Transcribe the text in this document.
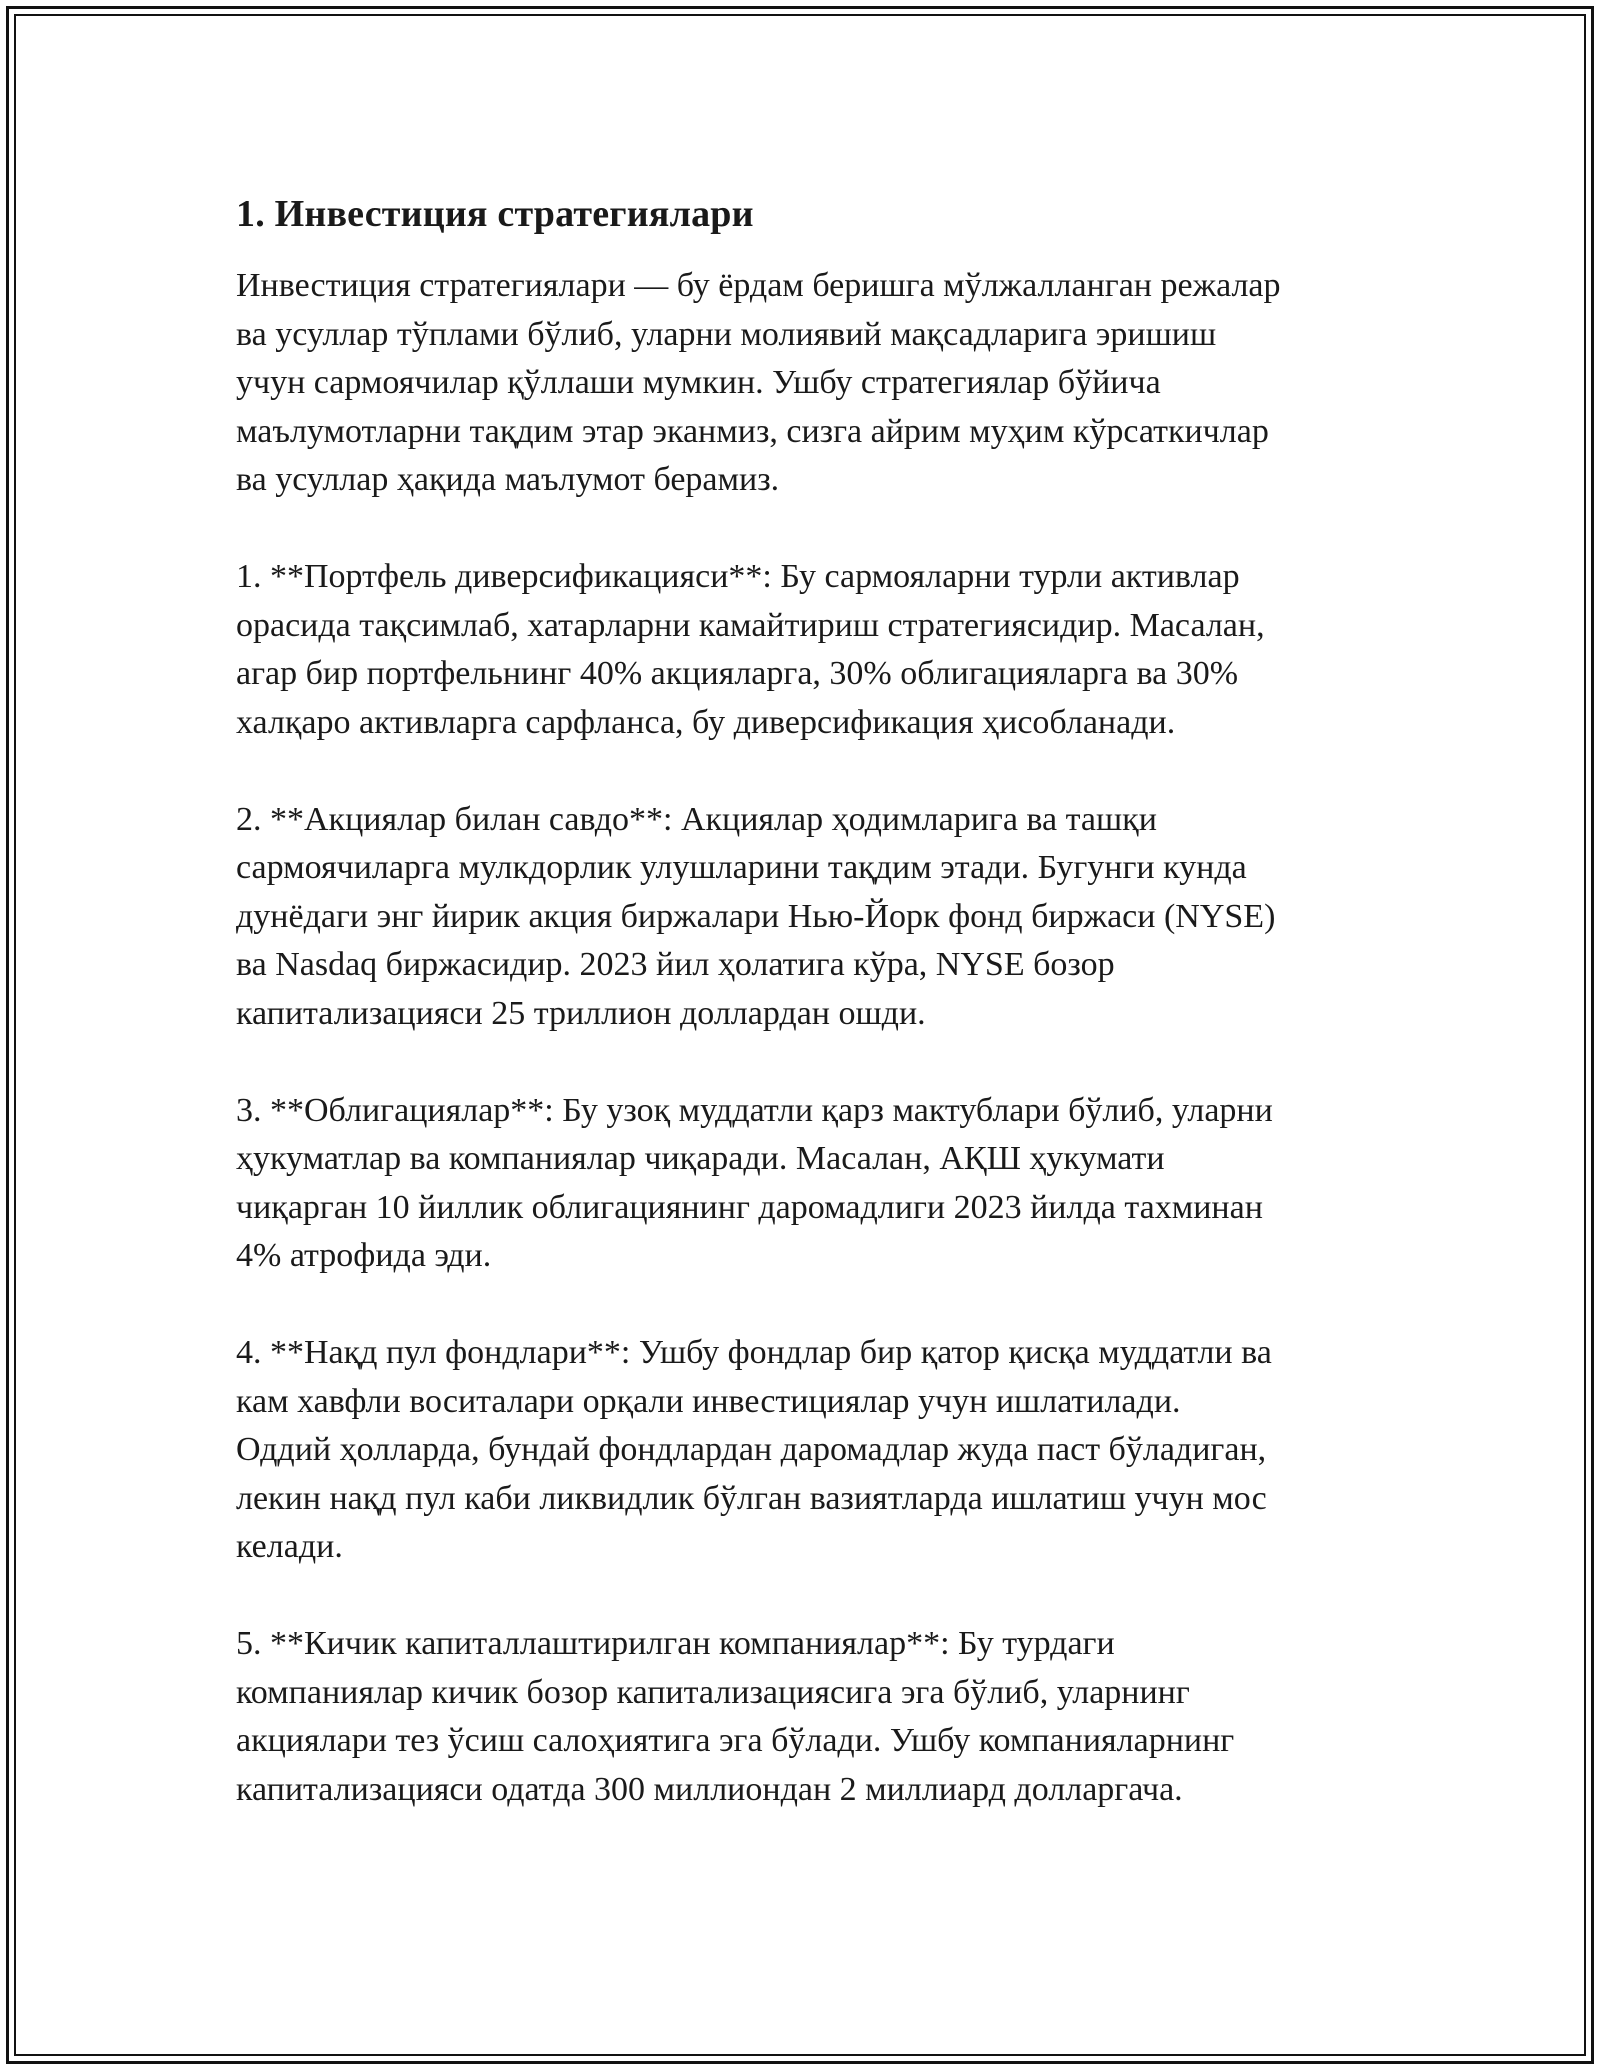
1. Инвестиция стратегиялари

Инвестиция стратегиялари — бу ёрдам беришга мўлжалланган режалар
ва усуллар тўплами бўлиб, уларни молиявий мақсадларига эришиш
учун сармоячилар қўллаши мумкин. Ушбу стратегиялар бўйича
маълумотларни тақдим этар эканмиз, сизга айрим муҳим кўрсаткичлар
ва усуллар ҳақида маълумот берамиз.

1. **Портфель диверсификацияси**: Бу сармояларни турли активлар
орасида тақсимлаб, хатарларни камайтириш стратегиясидир. Масалан,
агар бир портфельнинг 40% акцияларга, 30% облигацияларга ва 30%
халқаро активларга сарфланса, бу диверсификация ҳисобланади.

2. **Акциялар билан савдо**: Акциялар ҳодимларига ва ташқи
сармоячиларга мулкдорлик улушларини тақдим этади. Бугунги кунда
дунёдаги энг йирик акция биржалари Нью-Йорк фонд биржаси (NYSE)
ва Nasdaq биржасидир. 2023 йил ҳолатига кўра, NYSE бозор
капитализацияси 25 триллион доллардан ошди.

3. **Облигациялар**: Бу узоқ муддатли қарз мактублари бўлиб, уларни
ҳукуматлар ва компаниялар чиқаради. Масалан, АҚШ ҳукумати
чиқарган 10 йиллик облигациянинг даромадлиги 2023 йилда тахминан
4% атрофида эди.

4. **Нақд пул фондлари**: Ушбу фондлар бир қатор қисқа муддатли ва
кам хавфли воситалари орқали инвестициялар учун ишлатилади.
Оддий ҳолларда, бундай фондлардан даромадлар жуда паст бўладиган,
лекин нақд пул каби ликвидлик бўлган вазиятларда ишлатиш учун мос
келади.

5. **Кичик капиталлаштирилган компаниялар**: Бу турдаги
компаниялар кичик бозор капитализациясига эга бўлиб, уларнинг
акциялари тез ўсиш салоҳиятига эга бўлади. Ушбу компанияларнинг
капитализацияси одатда 300 миллиондан 2 миллиард долларгача.
